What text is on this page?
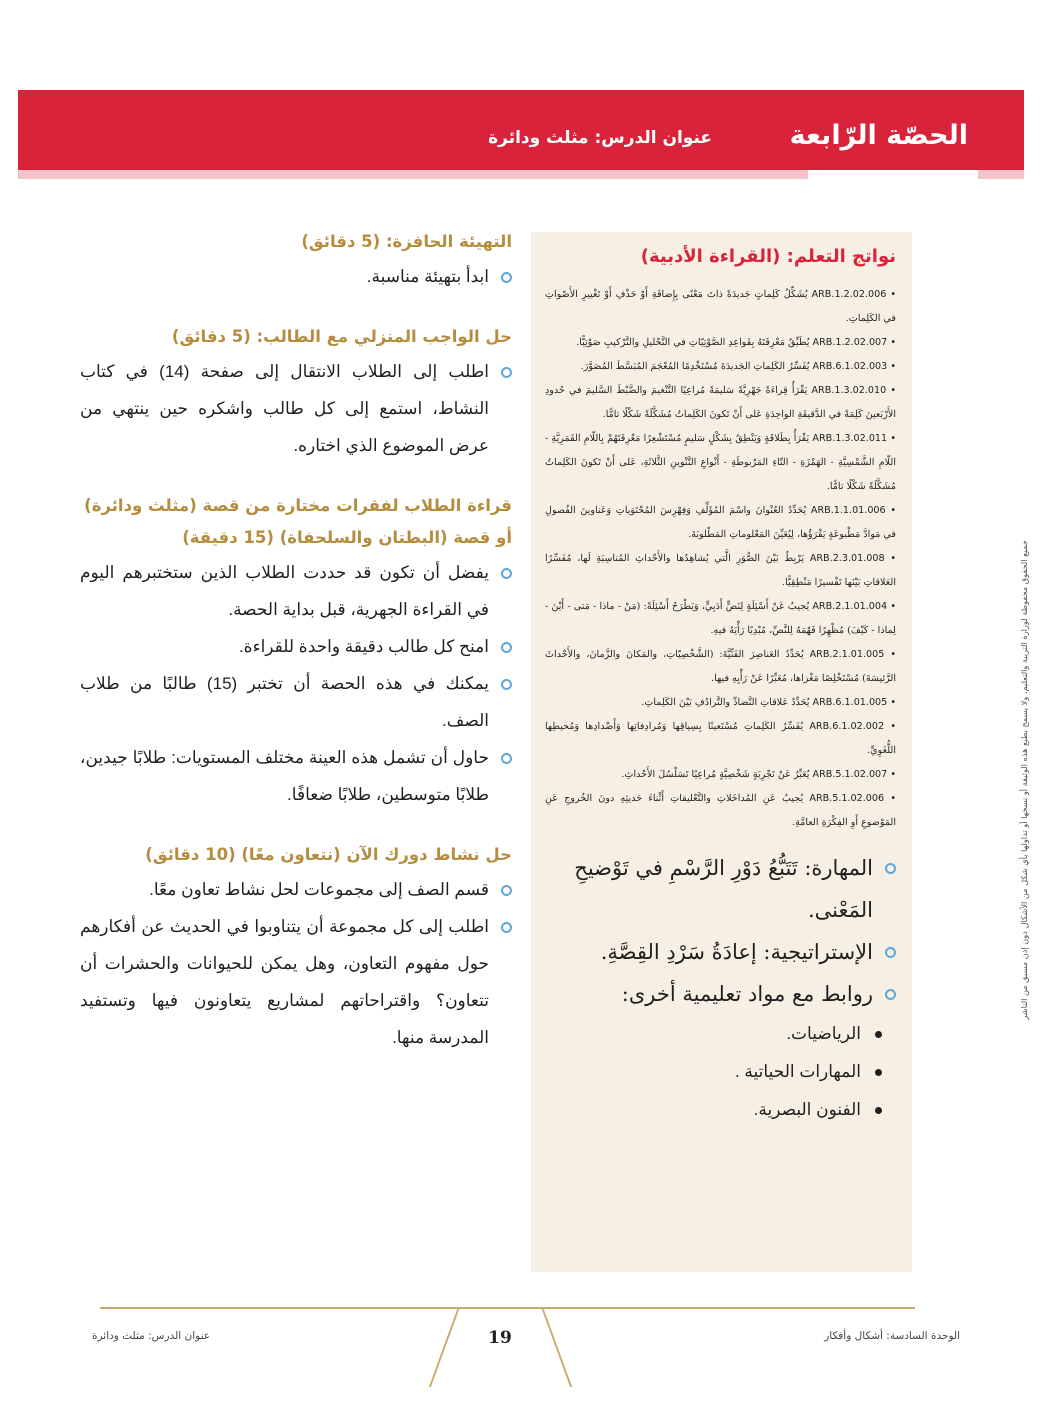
الحصّة الرّابعة
عنوان الدرس: مثلث ودائرة
نواتج التعلم: (القراءة الأدبية)
• ARB.1.2.02.006 يُشَكِّلُ كَلِماتٍ جَديدَةً ذاتَ مَعْنًى بِإِضافَةِ أَوْ حَذْفِ أَوْ تَغْييرِ الأَصْواتِ في الكَلِماتِ.
• ARB.1.2.02.007 يُطَبِّقُ مَعْرِفَتَهُ بِقَواعِدِ الصَّوْتِيّاتِ في التَّحْليلِ والتَّرْكيبِ صَوْتِيًّا.
• ARB.6.1.02.003 يُفَسِّرُ الكَلِماتِ الجَديدَةَ مُسْتَخْدِمًا المُعْجَمَ المُبَسَّطَ المُصَوَّرَ.
• ARB.1.3.02.010 يَقْرَأُ قِراءَةً جَهْرِيَّةً سَليمَةً مُراعِيًا التَّنْغيمَ والضَّبْطَ السَّليمَ في حُدودِ الأَرْبَعينَ كَلِمَةً في الدَّقيقَةِ الواحِدَةِ عَلى أَنْ تَكونَ الكَلِماتُ مُشَكَّلَةً شَكْلًا تامًّا.
• ARB.1.3.02.011 يَقْرَأُ بِطَلاقَةٍ وَيَنْطِقُ بِشَكْلٍ سَليمٍ مُسْتَشْعِرًا مَعْرِفَتَهُمْ بِاللّامِ القَمَرِيَّةِ - اللّامِ الشَّمْسِيَّةِ - الهَمْزَةِ - التّاءِ المَرْبوطَةِ - أَنْواعِ التَّنْوينِ الثَّلاثَةِ، عَلى أَنْ تَكونَ الكَلِماتُ مُشَكَّلَةً شَكْلًا تامًّا.
• ARB.1.1.01.006 يُحَدِّدُ العُنْوانَ واسْمَ المُؤَلِّفِ وَفِهْرِسَ المُحْتَوَياتِ وَعَناوينَ الفُصولِ في مَوادَّ مَطْبوعَةٍ يَقْرَؤُها، لِيُعَيِّنَ المَعْلوماتِ المَطْلوبَةَ.
• ARB.2.3.01.008 يَرْبِطُ بَيْنَ الصُّوَرِ الَّتي يُشاهِدُها والأَحْداثِ المُناسِبَةِ لَها، مُفَسِّرًا العَلاقاتِ بَيْنَها تَفْسيرًا مَنْطِقِيًّا.
• ARB.2.1.01.004 يُجيبُ عَنْ أَسْئِلَةٍ لِنَصٍّ أَدَبِيٍّ، وَيَطْرَحُ أَسْئِلَةً: (مَنْ - ماذا - مَتى - أَيْنَ - لِماذا - كَيْفَ) مُظْهِرًا فَهْمَهُ لِلنَّصِّ، مُبْدِيًا رَأْيَهُ فيهِ.
• ARB.2.1.01.005 يُحَدِّدُ العَناصِرَ الفَنِّيَّةَ: (الشَّخْصِيّاتِ، والمَكانَ والزَّمانَ، والأَحْداثَ الرَّئيسَةَ) مُسْتَخْلِصًا مَغْزاها، مُعَبِّرًا عَنْ رَأْيِهِ فيها.
• ARB.6.1.01.005 يُحَدِّدُ عَلاقاتِ التَّضادِّ والتَّرادُفِ بَيْنَ الكَلِماتِ.
• ARB.6.1.02.002 يُفَسِّرُ الكَلِماتِ مُسْتَعينًا بِسِياقِها وَمُرادِفاتِها وَأَضْدادِها وَمُحيطِها اللُّغَوِيِّ.
• ARB.5.1.02.007 يُعَبِّرُ عَنْ تَجْرِبَةٍ شَخْصِيَّةٍ مُراعِيًا تَسَلْسُلَ الأَحْداثِ.
• ARB.5.1.02.006 يُجيبُ عَنِ المُداخَلاتِ والتَّعْليقاتِ أَثْناءَ حَديثِهِ دونَ الخُروجِ عَنِ المَوْضوعِ أَوِ الفِكْرَةِ العامَّةِ.
المهارة: تَتَبُّعُ دَوْرِ الرَّسْمِ في تَوْضيحِ المَعْنى.
الإستراتيجية: إعادَةُ سَرْدِ القِصَّةِ.
روابط مع مواد تعليمية أخرى:
الرياضيات.
المهارات الحياتية .
الفنون البصرية.
التهيئة الحافزة: (5 دقائق)
ابدأ بتهيئة مناسبة.
حل الواجب المنزلي مع الطالب: (5 دقائق)
اطلب إلى الطلاب الانتقال إلى صفحة (14) في كتاب النشاط، استمع إلى كل طالب واشكره حين ينتهي من عرض الموضوع الذي اختاره.
قراءة الطلاب لفقرات مختارة من قصة (مثلث ودائرة) أو قصة (البطتان والسلحفاة) (15 دقيقة)
يفضل أن تكون قد حددت الطلاب الذين ستختبرهم اليوم في القراءة الجهرية، قبل بداية الحصة.
امنح كل طالب دقيقة واحدة للقراءة.
يمكنك في هذه الحصة أن تختبر (15) طالبًا من طلاب الصف.
حاول أن تشمل هذه العينة مختلف المستويات: طلابًا جيدين، طلابًا متوسطين، طلابًا ضعافًا.
حل نشاط دورك الآن (نتعاون معًا) (10 دقائق)
قسم الصف إلى مجموعات لحل نشاط تعاون معًا.
اطلب إلى كل مجموعة أن يتناوبوا في الحديث عن أفكارهم حول مفهوم التعاون، وهل يمكن للحيوانات والحشرات أن تتعاون؟ واقتراحاتهم لمشاريع يتعاونون فيها وتستفيد المدرسة منها.
جميع الحقوق محفوظة لوزارة التربية والتعليم، ولا يسمح بطبع هذه الوثيقة أو نسخها أو تداولها بأي شكل من الأشكال دون إذن مسبق من الناشر
19	الوحدة السادسة: أشكال وأفكار
عنوان الدرس: مثلث ودائرة
